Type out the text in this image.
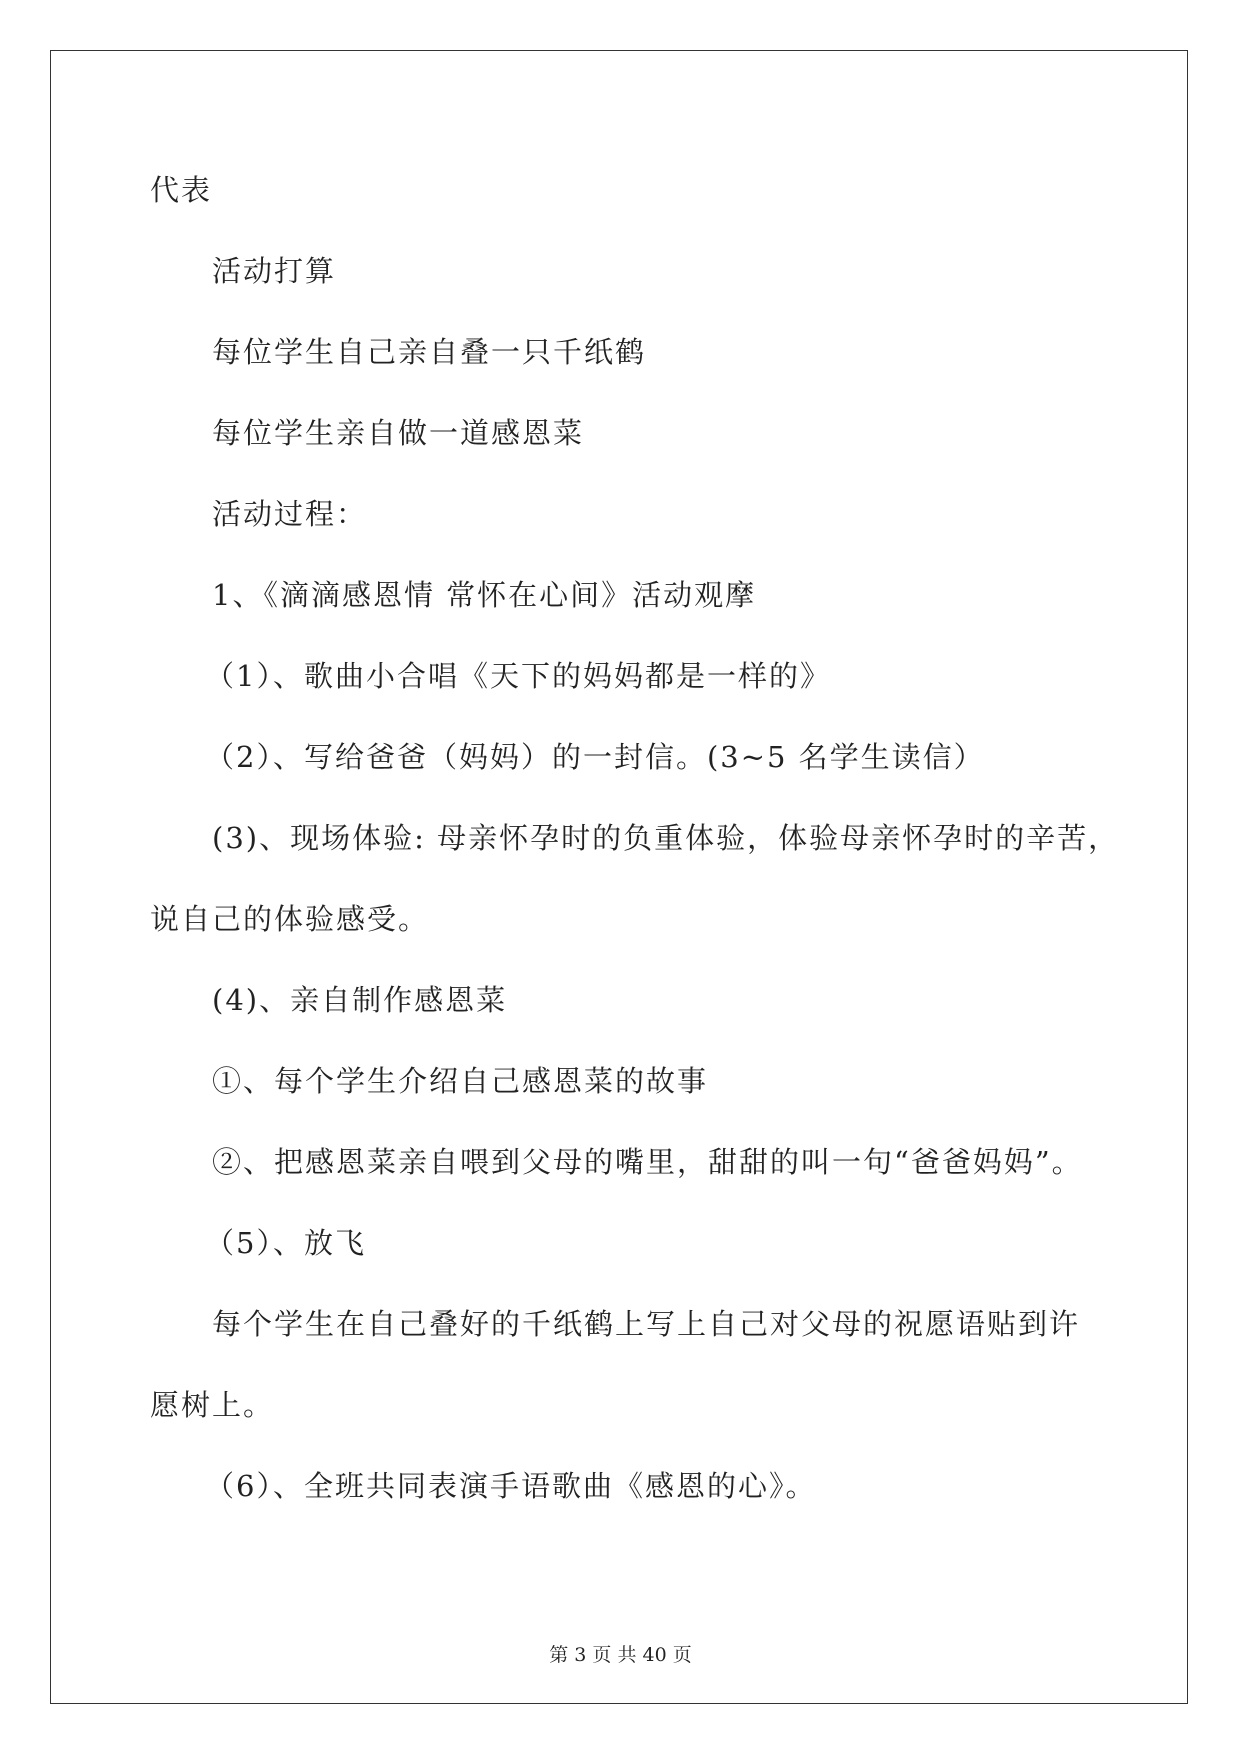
代表

活动打算

每位学生自己亲自叠一只千纸鹤

每位学生亲自做一道感恩菜

活动过程：

1、《滴滴感恩情 常怀在心间》活动观摩

（1）、歌曲小合唱《天下的妈妈都是一样的》

（2）、写给爸爸（妈妈）的一封信。(3~5 名学生读信）

(3)、现场体验: 母亲怀孕时的负重体验，体验母亲怀孕时的辛苦，

说自己的体验感受。

(4)、亲自制作感恩菜

①、每个学生介绍自己感恩菜的故事

②、把感恩菜亲自喂到父母的嘴里，甜甜的叫一句“爸爸妈妈”。

（5）、放飞

每个学生在自己叠好的千纸鹤上写上自己对父母的祝愿语贴到许

愿树上。

（6）、全班共同表演手语歌曲《感恩的心》。

第 3 页 共 40 页
